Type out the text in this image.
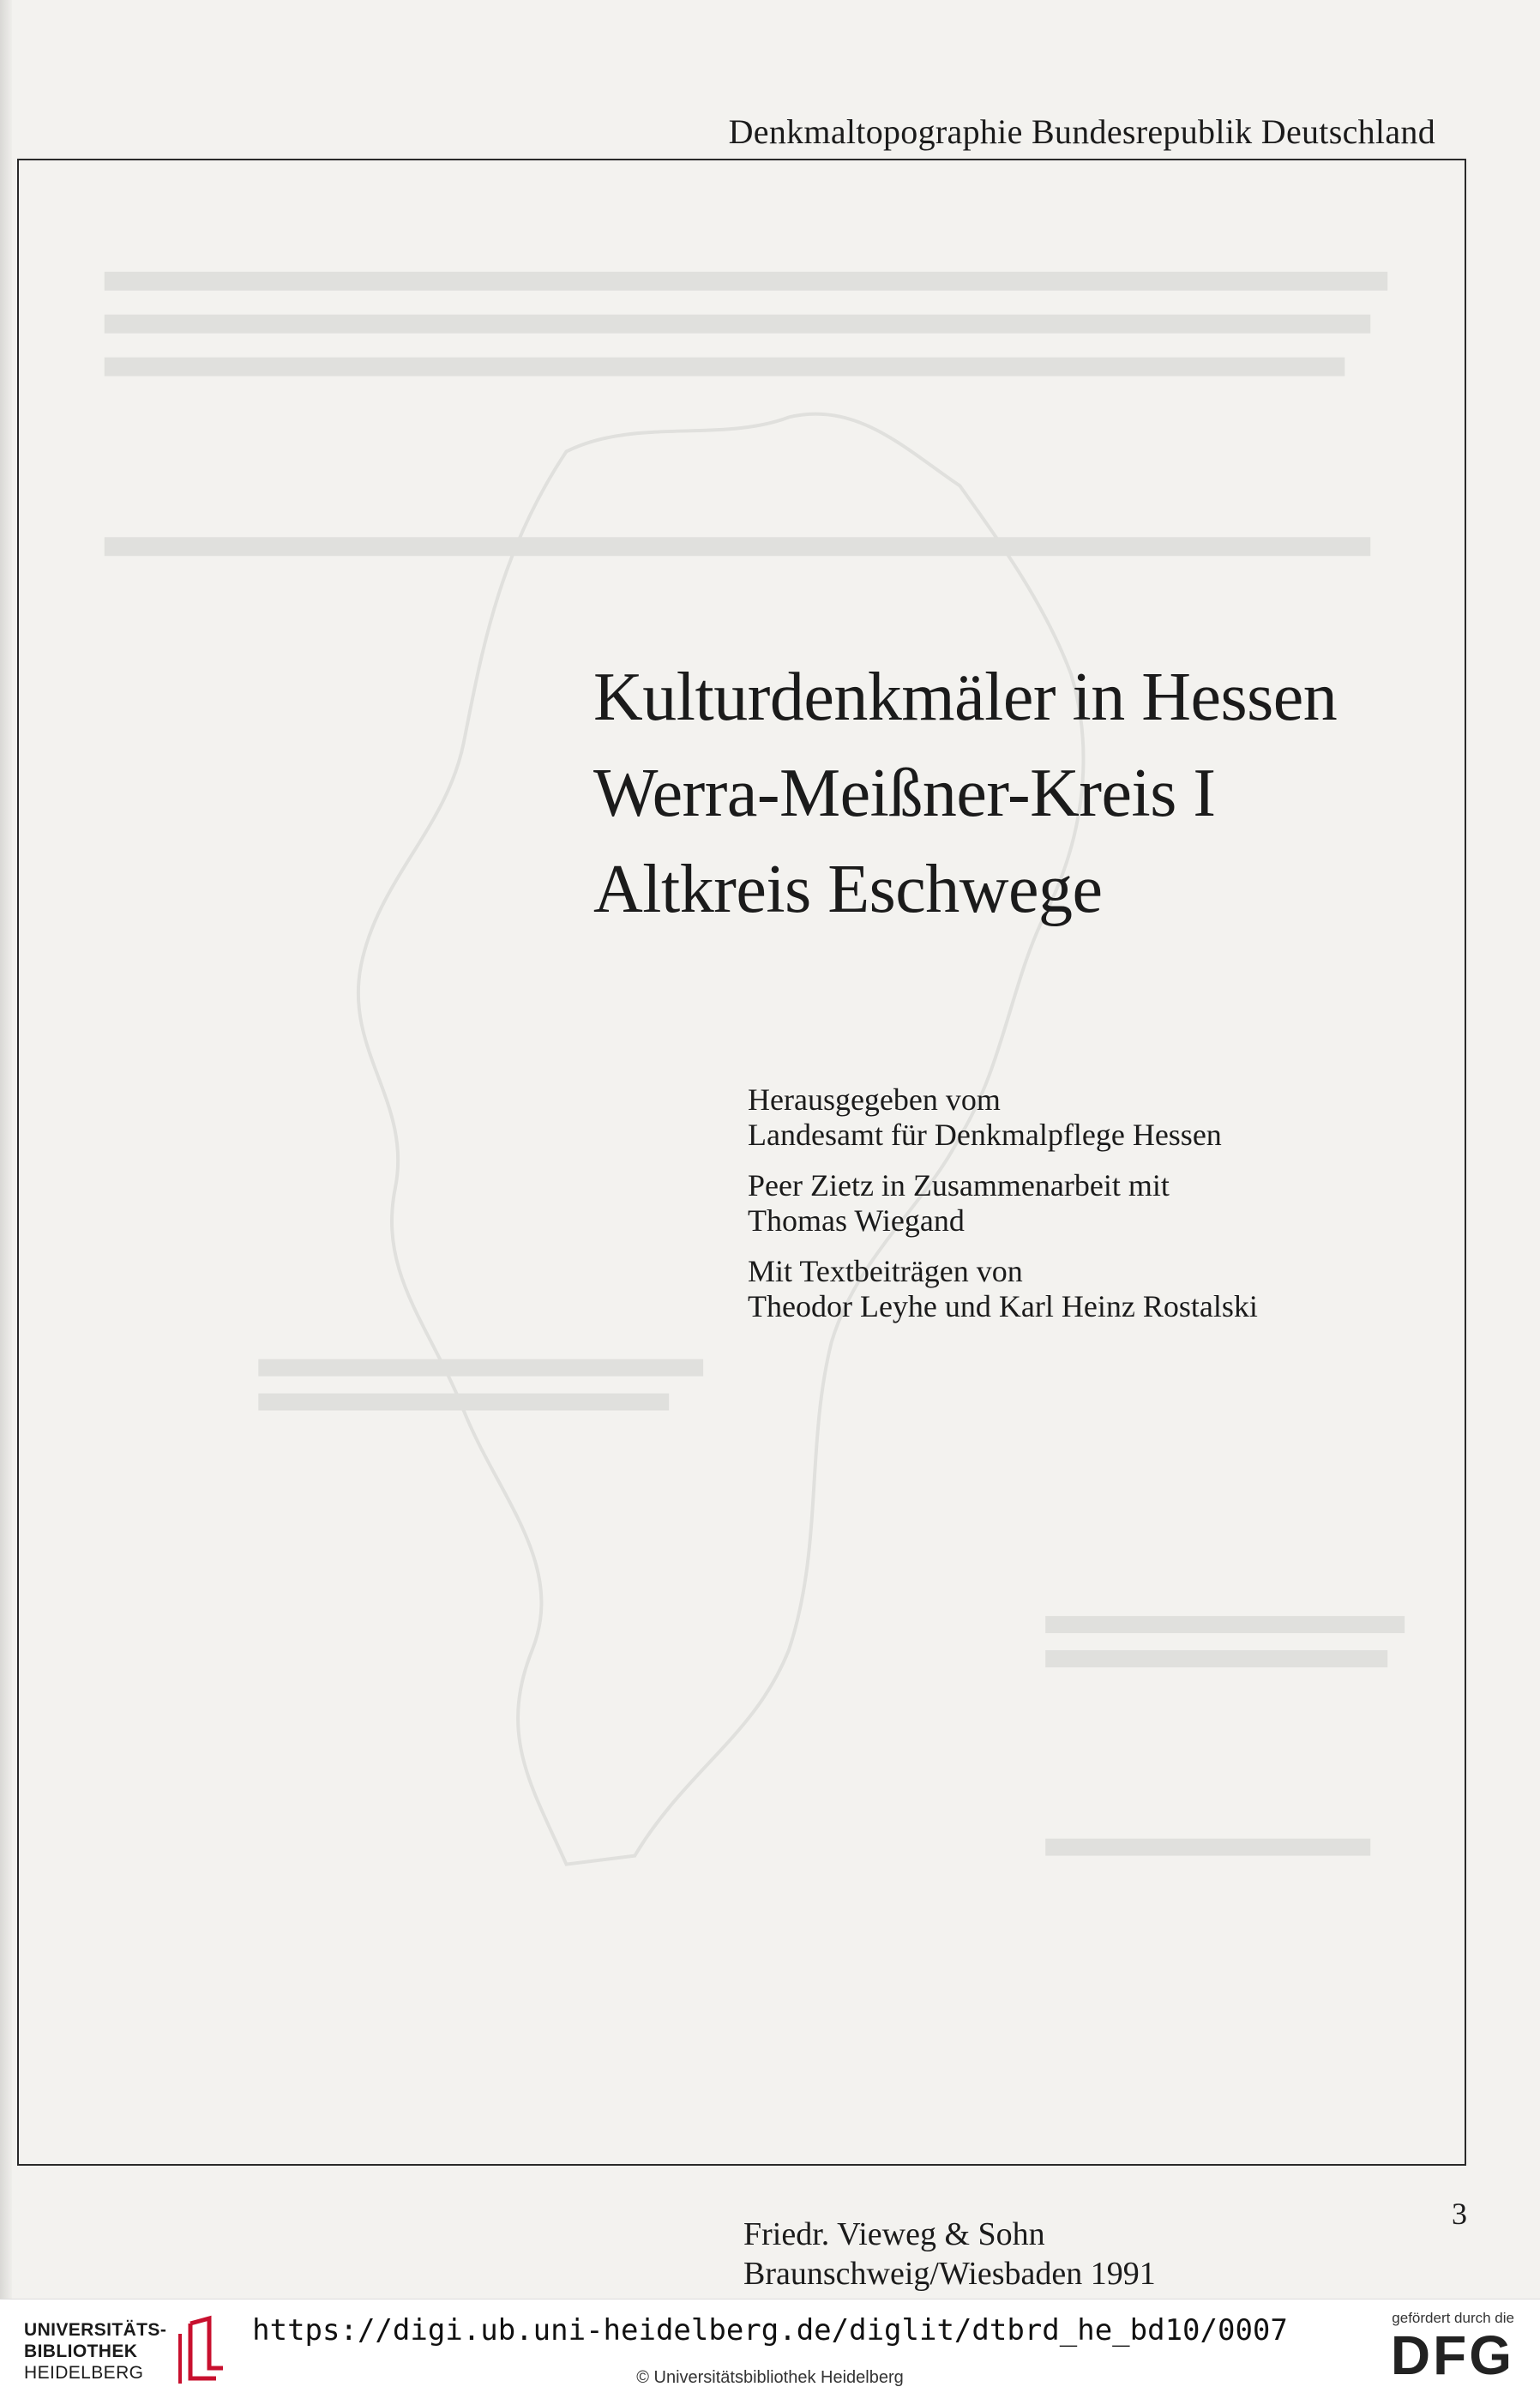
Denkmaltopographie Bundesrepublik Deutschland
Kulturdenkmäler in Hessen
Werra-Meißner-Kreis I
Altkreis Eschwege
Herausgegeben vom
Landesamt für Denkmalpflege Hessen
Peer Zietz in Zusammenarbeit mit
Thomas Wiegand
Mit Textbeiträgen von
Theodor Leyhe und Karl Heinz Rostalski
Friedr. Vieweg & Sohn
Braunschweig/Wiesbaden 1991
3
UNIVERSITÄTS-
BIBLIOTHEK
HEIDELBERG
https://digi.ub.uni-heidelberg.de/diglit/dtbrd_he_bd10/0007
© Universitätsbibliothek Heidelberg
gefördert durch die
DFG
